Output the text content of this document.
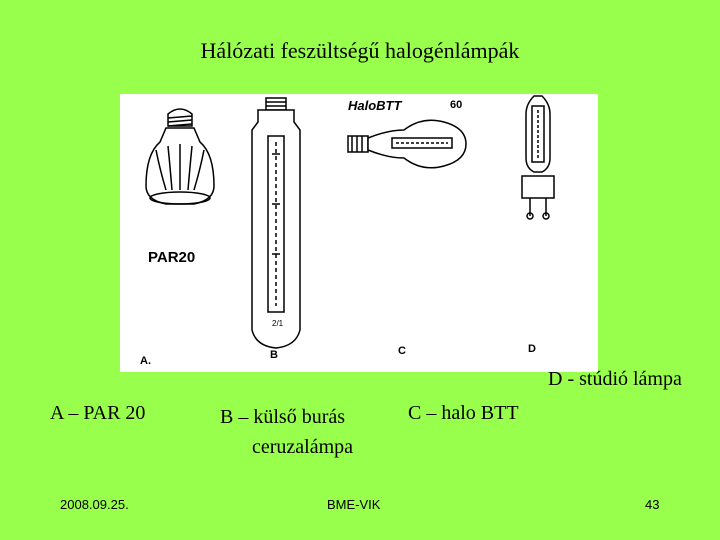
Hálózati feszültségű halogénlámpák
PAR20
A.
2/1
B
HaloBTT	60
C	D
D - stúdió lámpa
A – PAR 20	B – külső burás
ceruzalámpa
C – halo BTT
2008.09.25.	BME-VIK	43
